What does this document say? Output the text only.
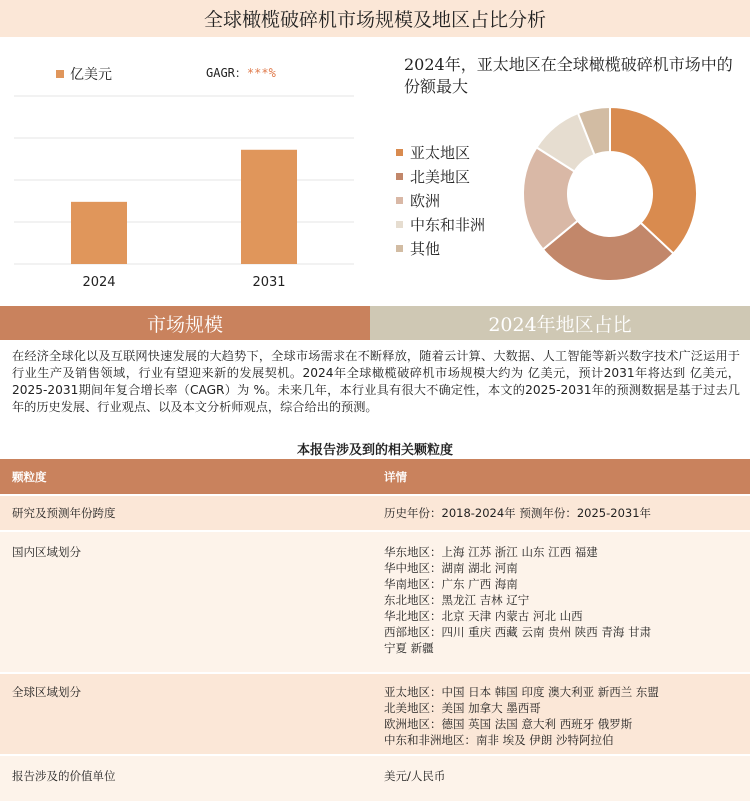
全球橄榄破碎机市场规模及地区占比分析
2024	2031
亿美元	GAGR：***%	2024年，亚太地区在全球橄榄破碎机市场中的份额最大
亚太地区
北美地区
欧洲
中东和非洲
其他
市场规模	2024年地区占比
在经济全球化以及互联网快速发展的大趋势下，全球市场需求在不断释放，随着云计算、大数据、人工智能等新兴数字技术广泛运用于行业生产及销售领域，行业有望迎来新的发展契机。2024年全球橄榄破碎机市场规模大约为 亿美元，预计2031年将达到 亿美元，2025-2031期间年复合增长率（CAGR）为 %。未来几年，本行业具有很大不确定性，本文的2025-2031年的预测数据是基于过去几年的历史发展、行业观点、以及本文分析师观点，综合给出的预测。
本报告涉及到的相关颗粒度
颗粒度	详情
研究及预测年份跨度	历史年份：2018-2024年 预测年份：2025-2031年
国内区域划分	华东地区：上海 江苏 浙江 山东 江西 福建
华中地区：湖南 湖北 河南
华南地区：广东 广西 海南
东北地区：黑龙江 吉林 辽宁
华北地区：北京 天津 内蒙古 河北 山西
西部地区：四川 重庆 西藏 云南 贵州 陕西 青海 甘肃
宁夏 新疆
全球区域划分	亚太地区：中国 日本 韩国 印度 澳大利亚 新西兰 东盟
北美地区：美国 加拿大 墨西哥
欧洲地区：德国 英国 法国 意大利 西班牙 俄罗斯
中东和非洲地区：南非 埃及 伊朗 沙特阿拉伯
报告涉及的价值单位	美元/人民币
